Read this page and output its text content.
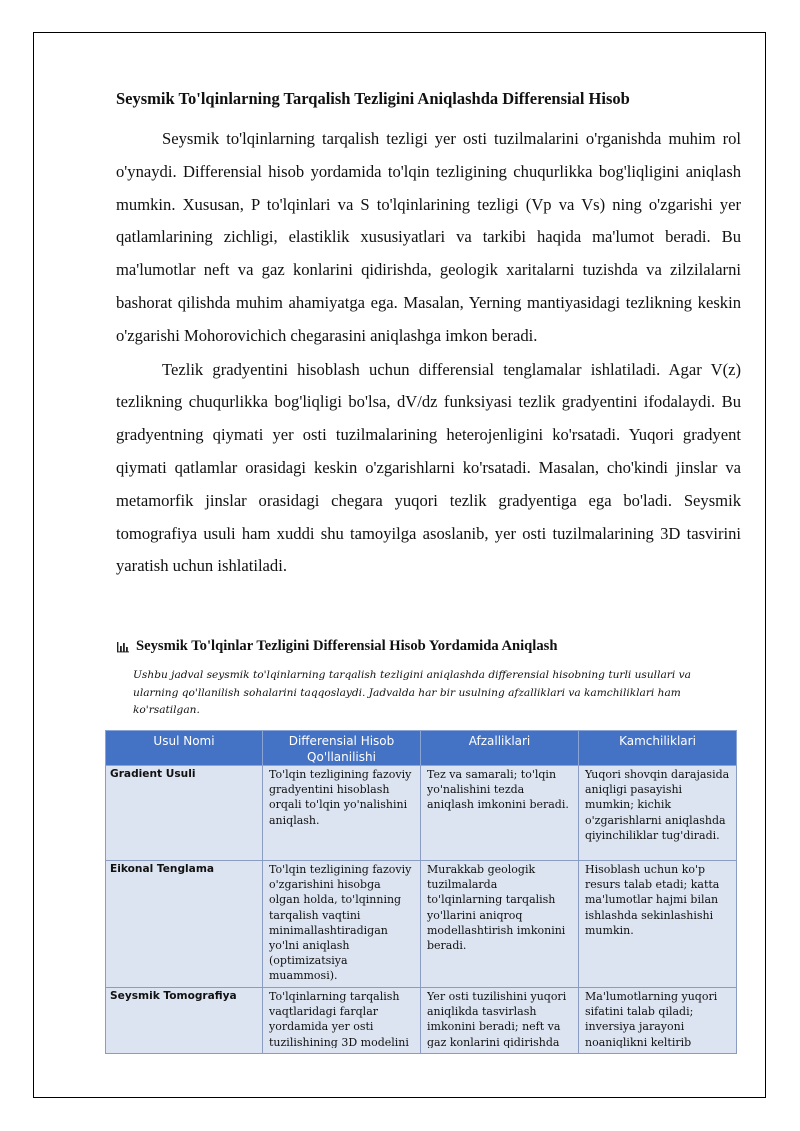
Seysmik To'lqinlarning Tarqalish Tezligini Aniqlashda Differensial Hisob

Seysmik to'lqinlarning tarqalish tezligi yer osti tuzilmalarini o'rganishda muhim rol o'ynaydi. Differensial hisob yordamida to'lqin tezligining chuqurlikka bog'liqligini aniqlash mumkin. Xususan, P to'lqinlari va S to'lqinlarining tezligi (Vp va Vs) ning o'zgarishi yer qatlamlarining zichligi, elastiklik xususiyatlari va tarkibi haqida ma'lumot beradi. Bu ma'lumotlar neft va gaz konlarini qidirishda, geologik xaritalarni tuzishda va zilzilalarni bashorat qilishda muhim ahamiyatga ega. Masalan, Yerning mantiyasidagi tezlikning keskin o'zgarishi Mohorovichich chegarasini aniqlashga imkon beradi.

Tezlik gradyentini hisoblash uchun differensial tenglamalar ishlatiladi. Agar V(z) tezlikning chuqurlikka bog'liqligi bo'lsa, dV/dz funksiyasi tezlik gradyentini ifodalaydi. Bu gradyentning qiymati yer osti tuzilmalarining heterojenligini ko'rsatadi. Yuqori gradyent qiymati qatlamlar orasidagi keskin o'zgarishlarni ko'rsatadi. Masalan, cho'kindi jinslar va metamorfik jinslar orasidagi chegara yuqori tezlik gradyentiga ega bo'ladi. Seysmik tomografiya usuli ham xuddi shu tamoyilga asoslanib, yer osti tuzilmalarining 3D tasvirini yaratish uchun ishlatiladi.

Seysmik To'lqinlar Tezligini Differensial Hisob Yordamida Aniqlash

Ushbu jadval seysmik to'lqinlarning tarqalish tezligini aniqlashda differensial hisobning turli usullari va ularning qo'llanilish sohalarini taqqoslaydi. Jadvalda har bir usulning afzalliklari va kamchiliklari ham ko'rsatilgan.

Usul Nomi	Differensial Hisob Qo'llanilishi	Afzalliklari	Kamchiliklari
Gradient Usuli	To'lqin tezligining fazoviy gradyentini hisoblash orqali to'lqin yo'nalishini aniqlash.	Tez va samarali; to'lqin yo'nalishini tezda aniqlash imkonini beradi.	Yuqori shovqin darajasida aniqligi pasayishi mumkin; kichik o'zgarishlarni aniqlashda qiyinchiliklar tug'diradi.
Eikonal Tenglama	To'lqin tezligining fazoviy o'zgarishini hisobga olgan holda, to'lqinning tarqalish vaqtini minimallashtiradigan yo'lni aniqlash (optimizatsiya muammosi).	Murakkab geologik tuzilmalarda to'lqinlarning tarqalish yo'llarini aniqroq modellashtirish imkonini beradi.	Hisoblash uchun ko'p resurs talab etadi; katta ma'lumotlar hajmi bilan ishlashda sekinlashishi mumkin.
Seysmik Tomografiya	To'lqinlarning tarqalish vaqtlaridagi farqlar yordamida yer osti tuzilishining 3D modelini	Yer osti tuzilishini yuqori aniqlikda tasvirlash imkonini beradi; neft va gaz konlarini qidirishda	Ma'lumotlarning yuqori sifatini talab qiladi; inversiya jarayoni noaniqlikni keltirib
